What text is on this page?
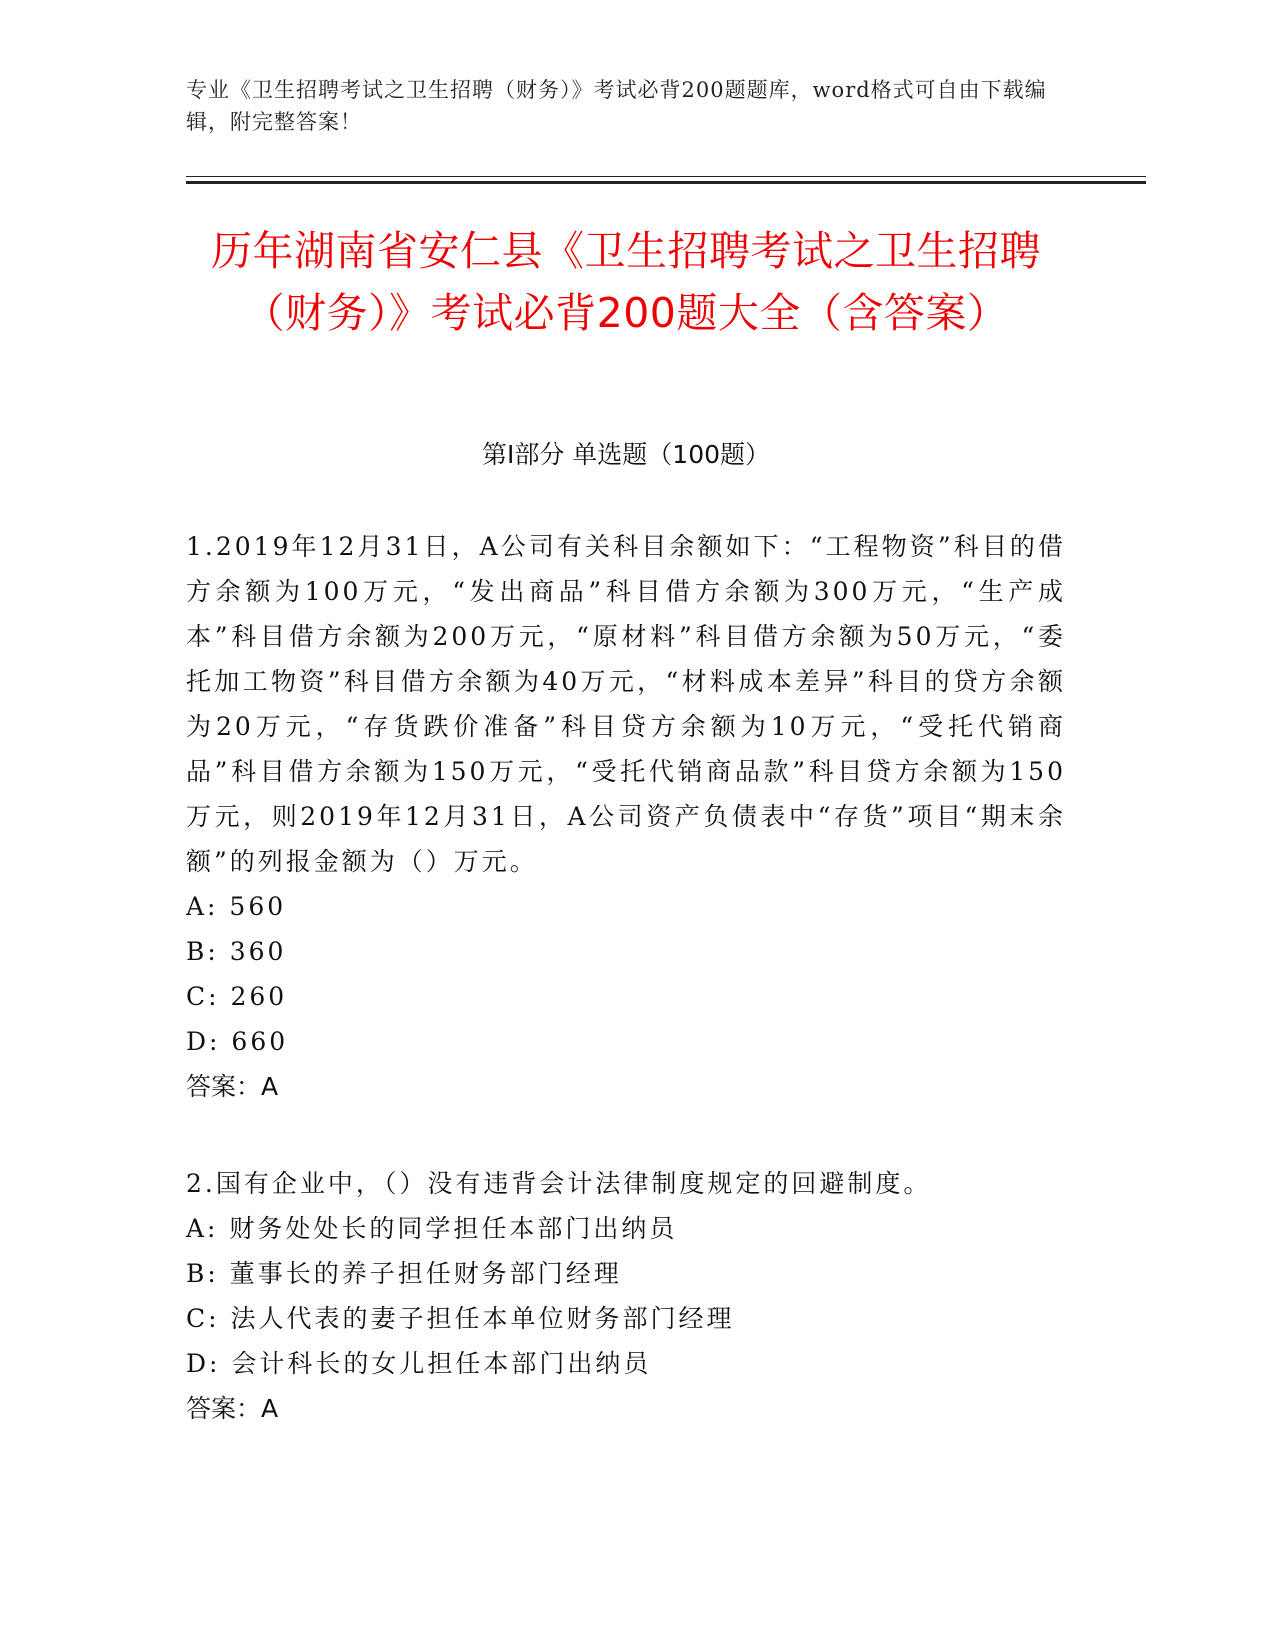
专业《卫生招聘考试之卫生招聘（财务）》考试必背200题题库，word格式可自由下载编辑，附完整答案！
历年湖南省安仁县《卫生招聘考试之卫生招聘（财务）》考试必背200题大全（含答案）
第I部分 单选题（100题）

1.2019年12月31日，A公司有关科目余额如下：“工程物资”科目的借方余额为100万元，“发出商品”科目借方余额为300万元，“生产成本”科目借方余额为200万元，“原材料”科目借方余额为50万元，“委托加工物资”科目借方余额为40万元，“材料成本差异”科目的贷方余额为20万元，“存货跌价准备”科目贷方余额为10万元，“受托代销商品”科目借方余额为150万元，“受托代销商品款”科目贷方余额为150万元，则2019年12月31日，A公司资产负债表中“存货”项目“期末余额”的列报金额为（）万元。

A: 560
B: 360
C: 260
D: 660

答案：A

2.国有企业中，（）没有违背会计法律制度规定的回避制度。

A: 财务处处长的同学担任本部门出纳员
B: 董事长的养子担任财务部门经理
C: 法人代表的妻子担任本单位财务部门经理
D: 会计科长的女儿担任本部门出纳员

答案：A
